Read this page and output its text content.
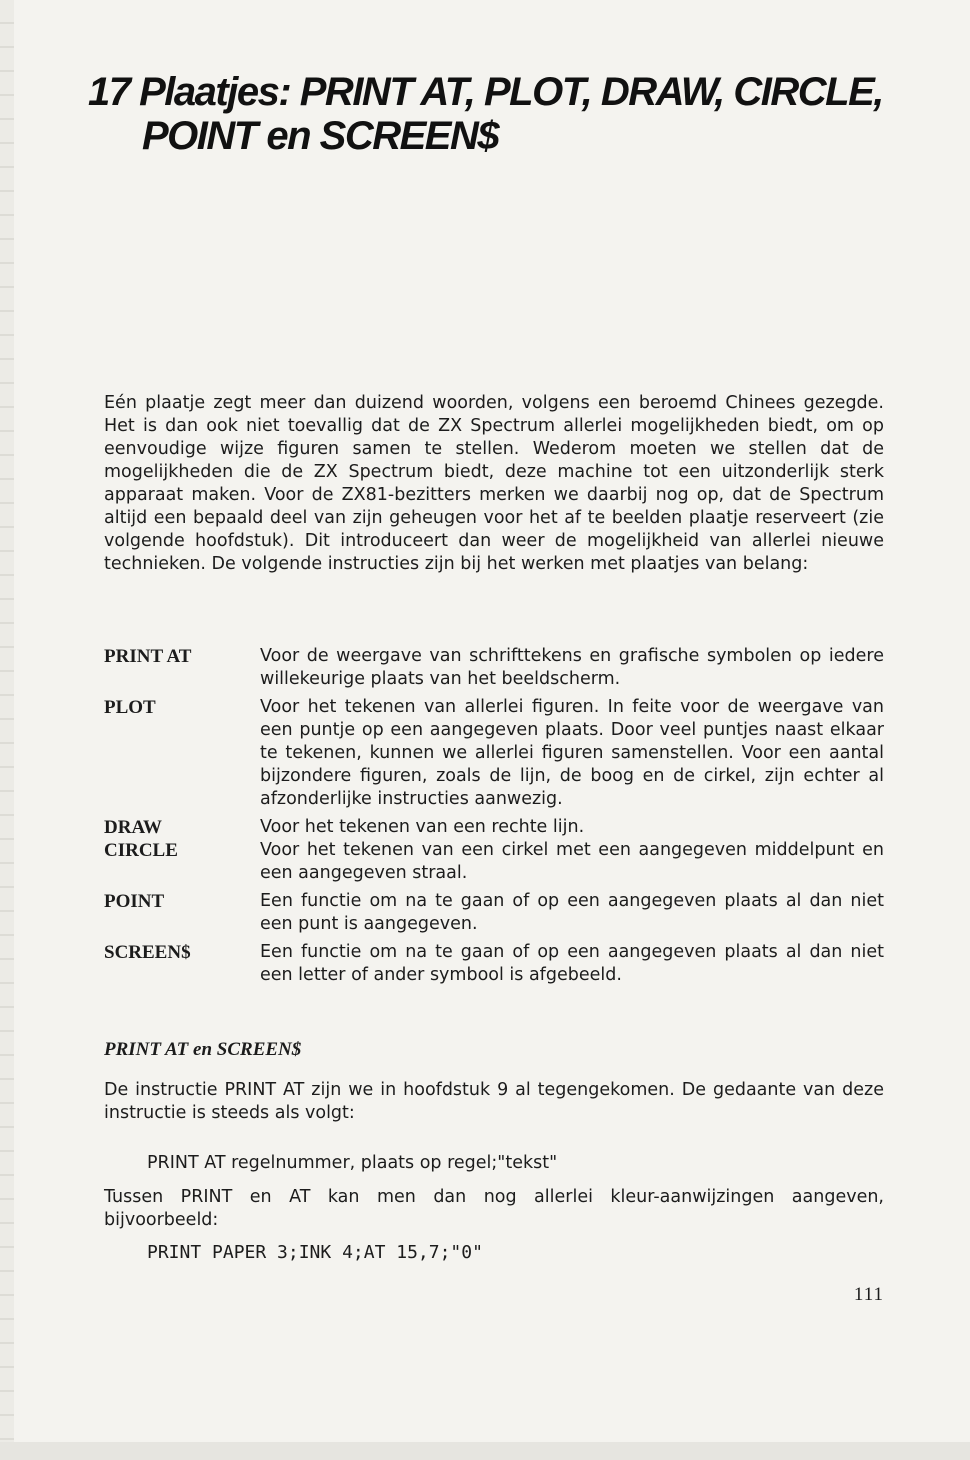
17 Plaatjes: PRINT AT, PLOT, DRAW, CIRCLE,
POINT en SCREEN$

Eén plaatje zegt meer dan duizend woorden, volgens een beroemd Chinees gezegde. Het is dan ook niet toevallig dat de ZX Spectrum allerlei mogelijkheden biedt, om op eenvoudige wijze figuren samen te stellen. Wederom moeten we stellen dat de mogelijkheden die de ZX Spectrum biedt, deze machine tot een uitzonderlijk sterk apparaat maken. Voor de ZX81-bezitters merken we daarbij nog op, dat de Spectrum altijd een bepaald deel van zijn geheugen voor het af te beelden plaatje reserveert (zie volgende hoofdstuk). Dit introduceert dan weer de mogelijkheid van allerlei nieuwe technieken. De volgende instructies zijn bij het werken met plaatjes van belang:

PRINT AT	Voor de weergave van schrifttekens en grafische symbolen op iedere willekeurige plaats van het beeldscherm.

PLOT	Voor het tekenen van allerlei figuren. In feite voor de weergave van een puntje op een aangegeven plaats. Door veel puntjes naast elkaar te tekenen, kunnen we allerlei figuren samenstellen. Voor een aantal bijzondere figuren, zoals de lijn, de boog en de cirkel, zijn echter al afzonderlijke instructies aanwezig.

DRAW	Voor het tekenen van een rechte lijn.

CIRCLE	Voor het tekenen van een cirkel met een aangegeven middelpunt en een aangegeven straal.

POINT	Een functie om na te gaan of op een aangegeven plaats al dan niet een punt is aangegeven.

SCREEN$	Een functie om na te gaan of op een aangegeven plaats al dan niet een letter of ander symbool is afgebeeld.

PRINT AT en SCREEN$

De instructie PRINT AT zijn we in hoofdstuk 9 al tegengekomen. De gedaante van deze instructie is steeds als volgt:

PRINT AT regelnummer, plaats op regel;"tekst"

Tussen PRINT en AT kan men dan nog allerlei kleur-aanwijzingen aangeven, bijvoorbeeld:

PRINT PAPER 3;INK 4;AT 15,7;"0"
111
